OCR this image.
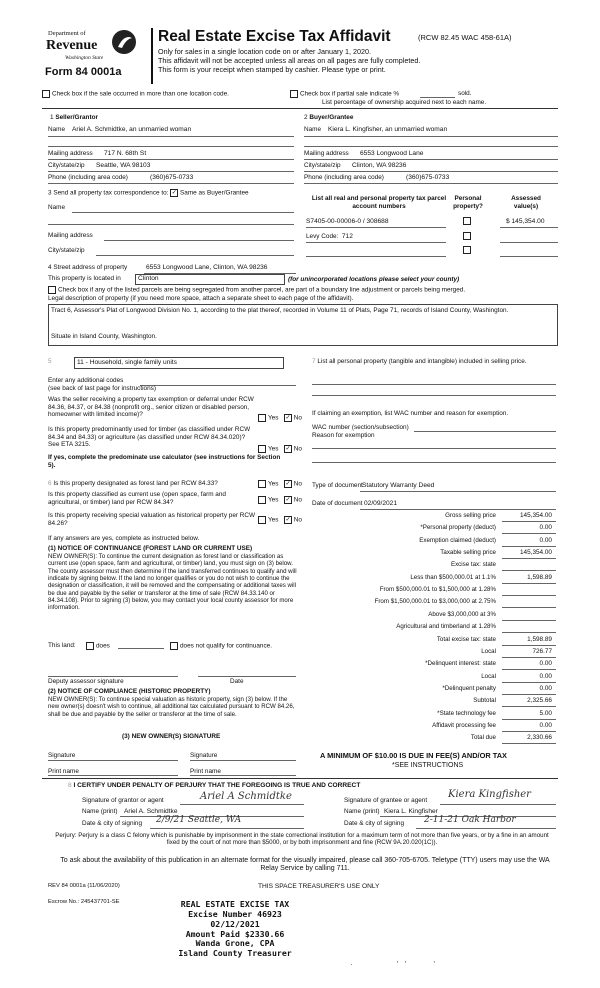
Department of
Revenue
Washington State
Form 84 0001a
Real Estate Excise Tax Affidavit	(RCW 82.45 WAC 458-61A)
Only for sales in a single location code on or after January 1, 2020.
This affidavit will not be accepted unless all areas on all pages are fully completed.
This form is your receipt when stamped by cashier. Please type or print.
Check box if the sale occurred in more than one location code.	Check box if partial sale indicate %	sold.
List percentage of ownership acquired next to each name.
1 Seller/Grantor
Name Ariel A. Schmidtke, an unmarried woman
Mailing address 717 N. 68th St
City/state/zip Seattle, WA 98103
Phone (including area code)	(360)675-0733
2 Buyer/Grantee
Name Kiera L. Kingfisher, an unmarried woman
Mailing address 6553 Longwood Lane
City/state/zip Clinton, WA 98236
Phone (including area code)	(360)675-0733
3 Send all property tax correspondence to: ✓ Same as Buyer/Grantee
Name
Mailing address
City/state/zip
List all real and personal property tax parcel account numbers
Personal property?
Assessed value(s)
S7405-00-00006-0 / 308688	$ 145,354.00
Levy Code: 712
4 Street address of property	6553 Longwood Lane, Clinton, WA 98236
This property is located in	Clinton	(for unincorporated locations please select your county)
Check box if any of the listed parcels are being segregated from another parcel, are part of a boundary line adjustment or parcels being merged.
Legal description of property (if you need more space, attach a separate sheet to each page of the affidavit).
Tract 6, Assessor's Plat of Longwood Division No. 1, according to the plat thereof, recorded in Volume 11 of Plats, Page 71, records of Island County, Washington.
Situate in Island County, Washington.
5	11 - Household, single family units
Enter any additional codes
(see back of last page for instructions)
Was the seller receiving a property tax exemption or deferral under RCW 84.36, 84.37, or 84.38 (nonprofit org., senior citizen or disabled person, homeowner with limited income)?	Yes ✓ No
Is this property predominantly used for timber (as classified under RCW 84.34 and 84.33) or agriculture (as classified under RCW 84.34.020)? See ETA 3215.
Yes ✓ No
If yes, complete the predominate use calculator (see instructions for Section 5).
6 Is this property designated as forest land per RCW 84.33?	Yes ✓ No
Is this property classified as current use (open space, farm and agricultural, or timber) land per RCW 84.34?	Yes ✓ No
Is this property receiving special valuation as historical property per RCW 84.26?	Yes ✓ No
If any answers are yes, complete as instructed below.
(1) NOTICE OF CONTINUANCE (FOREST LAND OR CURRENT USE)
NEW OWNER(S): To continue the current designation as forest land or classification as current use (open space, farm and agricultural, or timber) land, you must sign on (3) below. The county assessor must then determine if the land transferred continues to qualify and will indicate by signing below. If the land no longer qualifies or you do not wish to continue the designation or classification, it will be removed and the compensating or additional taxes will be due and payable by the seller or transferor at the time of sale (RCW 84.33.140 or 84.34.108). Prior to signing (3) below, you may contact your local county assessor for more information.
This land:	does	does not qualify for continuance.
Deputy assessor signature	Date
(2) NOTICE OF COMPLIANCE (HISTORIC PROPERTY)
NEW OWNER(S): To continue special valuation as historic property, sign (3) below. If the new owner(s) doesn't wish to continue, all additional tax calculated pursuant to RCW 84.26, shall be due and payable by the seller or transferor at the time of sale.
(3) NEW OWNER(S) SIGNATURE
Signature	Signature
Print name	Print name
7 List all personal property (tangible and intangible) included in selling price.
If claiming an exemption, list WAC number and reason for exemption.
WAC number (section/subsection)
Reason for exemption
Type of document Statutory Warranty Deed
Date of document 02/09/2021
Gross selling price	145,354.00
*Personal property (deduct)	0.00
Exemption claimed (deduct)	0.00
Taxable selling price	145,354.00
Excise tax: state
Less than $500,000.01 at 1.1%	1,598.89
From $500,000.01 to $1,500,000 at 1.28%
From $1,500,000.01 to $3,000,000 at 2.75%
Above $3,000,000 at 3%
Agricultural and timberland at 1.28%
Total excise tax: state	1,598.89
Local	726.77
*Delinquent interest: state	0.00
Local	0.00
*Delinquent penalty	0.00
Subtotal	2,325.66
*State technology fee	5.00
Affidavit processing fee	0.00
Total due	2,330.66
A MINIMUM OF $10.00 IS DUE IN FEE(S) AND/OR TAX
*SEE INSTRUCTIONS
8 I CERTIFY UNDER PENALTY OF PERJURY THAT THE FOREGOING IS TRUE AND CORRECT
Signature of grantor or agent	Ariel A Schmidtke
Name (print) Ariel A. Schmidtke
Date & city of signing 2/9/21 Seattle, WA
Signature of grantee or agent
Kiera Kingfisher
Name (print) Kiera L. Kingfisher
Date & city of signing 2-11-21 Oak Harbor
Perjury: Perjury is a class C felony which is punishable by imprisonment in the state correctional institution for a maximum term of not more than five years, or by a fine in an amount fixed by the court of not more than $5000, or by both imprisonment and fine (RCW 9A.20.020(1C)).
To ask about the availability of this publication in an alternate format for the visually impaired, please call 360-705-6705. Teletype (TTY) users may use the WA Relay Service by calling 711.
REV 84 0001a (11/06/2020)	THIS SPACE TREASURER'S USE ONLY
Escrow No.: 245437701-SE	REAL ESTATE EXCISE TAX
Excise Number 46923
02/12/2021
Amount Paid $2330.66
Wanda Grone, CPA
Island County Treasurer
·          ' '      '
